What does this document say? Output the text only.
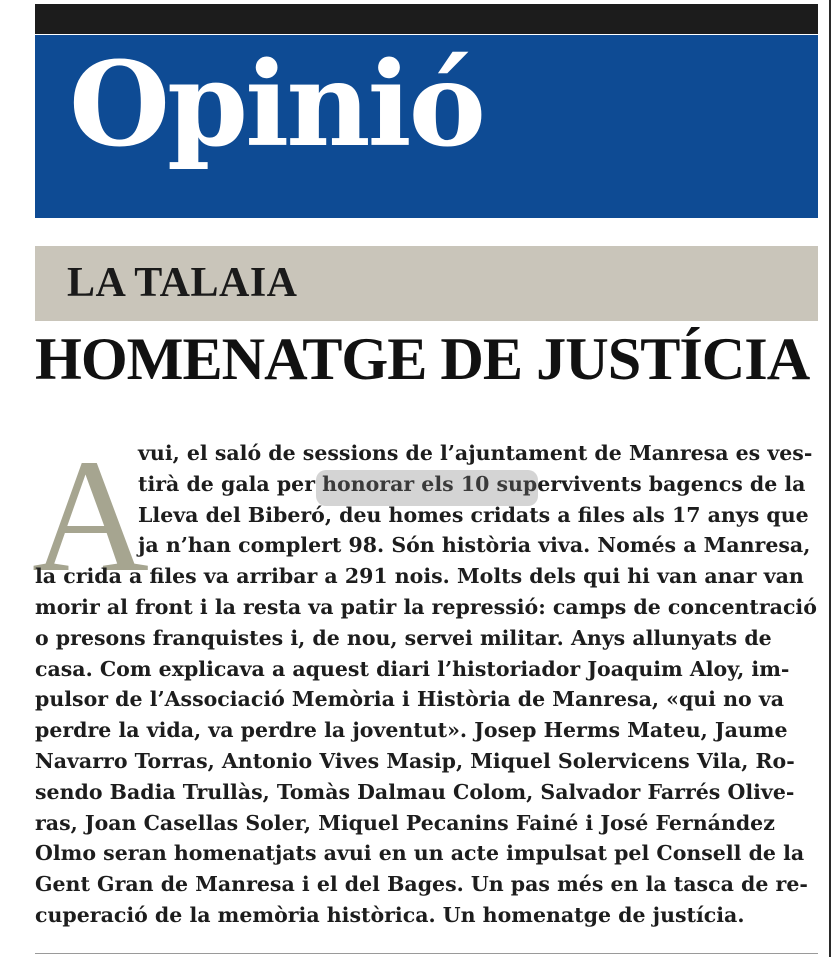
Opinió
LA TALAIA
HOMENATGE DE JUSTÍCIA
A
vui, el saló de sessions de l’ajuntament de Manresa es ves-
tirà de gala per honorar els 10 supervivents bagencs de la
Lleva del Biberó, deu homes cridats a files als 17 anys que
ja n’han complert 98. Són història viva. Només a Manresa,
la crida a files va arribar a 291 nois. Molts dels qui hi van anar van
morir al front i la resta va patir la repressió: camps de concentració
o presons franquistes i, de nou, servei militar. Anys allunyats de
casa. Com explicava a aquest diari l’historiador Joaquim Aloy, im-
pulsor de l’Associació Memòria i Història de Manresa, «qui no va
perdre la vida, va perdre la joventut». Josep Herms Mateu, Jaume
Navarro Torras, Antonio Vives Masip, Miquel Solervicens Vila, Ro-
sendo Badia Trullàs, Tomàs Dalmau Colom, Salvador Farrés Olive-
ras, Joan Casellas Soler, Miquel Pecanins Fainé i José Fernández
Olmo seran homenatjats avui en un acte impulsat pel Consell de la
Gent Gran de Manresa i el del Bages. Un pas més en la tasca de re-
cuperació de la memòria històrica. Un homenatge de justícia.
